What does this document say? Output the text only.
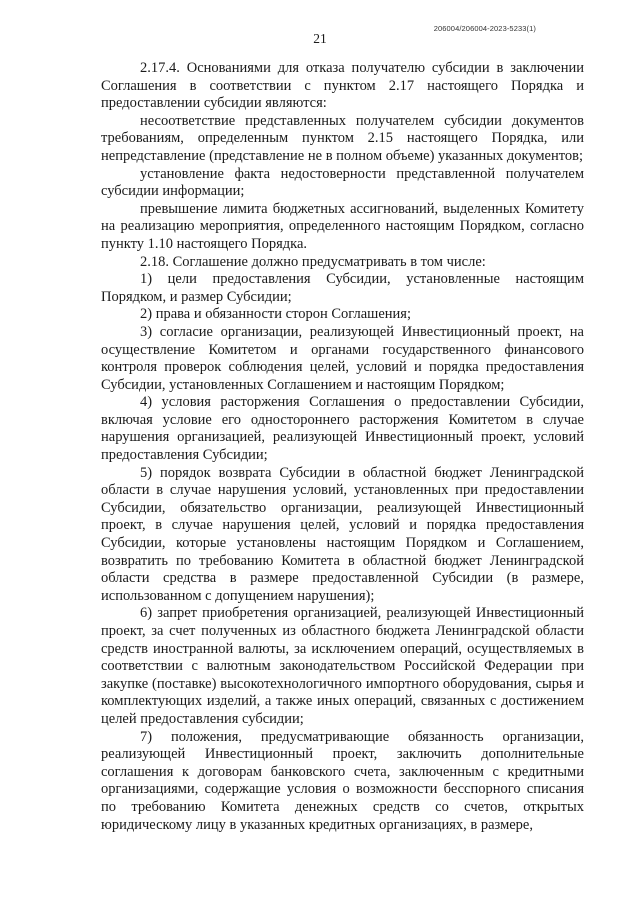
206004/206004-2023-5233(1)
21

2.17.4. Основаниями для отказа получателю субсидии в заключении Соглашения в соответствии с пунктом 2.17 настоящего Порядка и предоставлении субсидии являются:

несоответствие представленных получателем субсидии документов требованиям, определенным пунктом 2.15 настоящего Порядка, или непредставление (представление не в полном объеме) указанных документов;

установление факта недостоверности представленной получателем субсидии информации;

превышение лимита бюджетных ассигнований, выделенных Комитету на реализацию мероприятия, определенного настоящим Порядком, согласно пункту 1.10 настоящего Порядка.

2.18. Соглашение должно предусматривать в том числе:

1) цели предоставления Субсидии, установленные настоящим Порядком, и размер Субсидии;

2) права и обязанности сторон Соглашения;

3) согласие организации, реализующей Инвестиционный проект, на осуществление Комитетом и органами государственного финансового контроля проверок соблюдения целей, условий и порядка предоставления Субсидии, установленных Соглашением и настоящим Порядком;

4) условия расторжения Соглашения о предоставлении Субсидии, включая условие его одностороннего расторжения Комитетом в случае нарушения организацией, реализующей Инвестиционный проект, условий предоставления Субсидии;

5) порядок возврата Субсидии в областной бюджет Ленинградской области в случае нарушения условий, установленных при предоставлении Субсидии, обязательство организации, реализующей Инвестиционный проект, в случае нарушения целей, условий и порядка предоставления Субсидии, которые установлены настоящим Порядком и Соглашением, возвратить по требованию Комитета в областной бюджет Ленинградской области средства в размере предоставленной Субсидии (в размере, использованном с допущением нарушения);

6) запрет приобретения организацией, реализующей Инвестиционный проект, за счет полученных из областного бюджета Ленинградской области средств иностранной валюты, за исключением операций, осуществляемых в соответствии с валютным законодательством Российской Федерации при закупке (поставке) высокотехнологичного импортного оборудования, сырья и комплектующих изделий, а также иных операций, связанных с достижением целей предоставления субсидии;

7) положения, предусматривающие обязанность организации, реализующей Инвестиционный проект, заключить дополнительные соглашения к договорам банковского счета, заключенным с кредитными организациями, содержащие условия о возможности бесспорного списания по требованию Комитета денежных средств со счетов, открытых юридическому лицу в указанных кредитных организациях, в размере,
